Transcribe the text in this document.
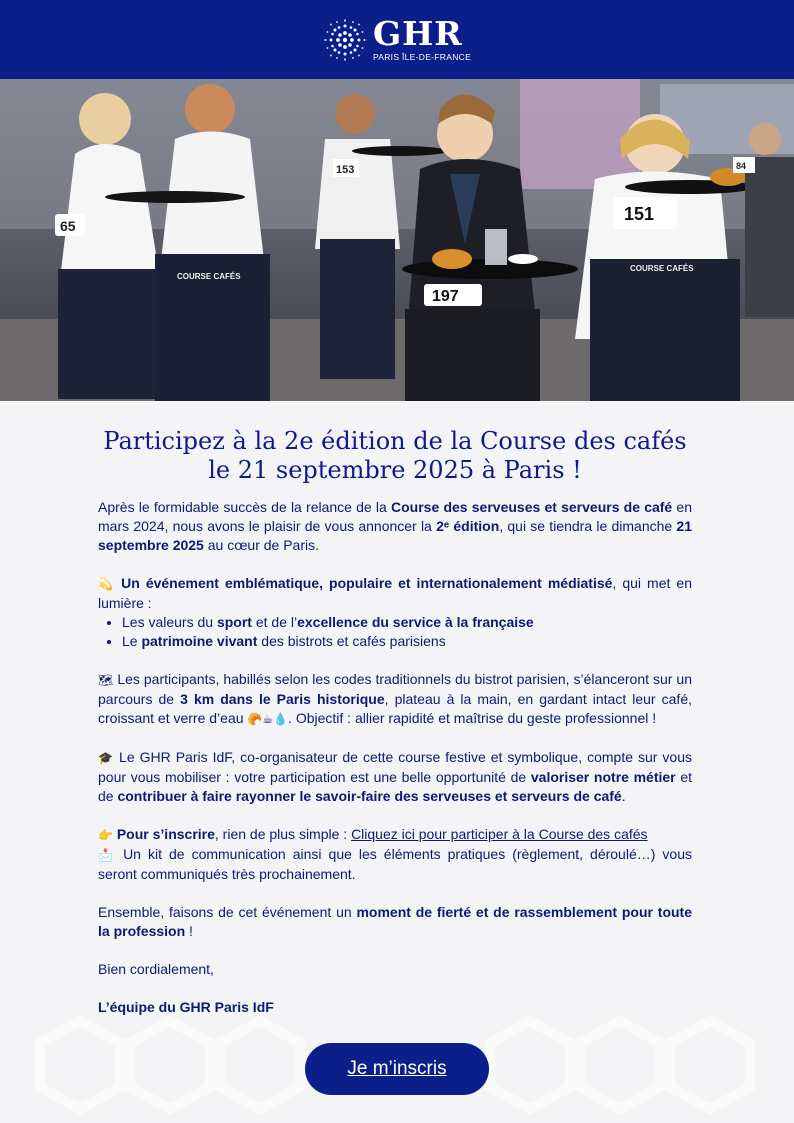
GHR
PARIS ÎLE-DE-FRANCE
65
COURSE CAFÉS
153
197
151
COURSE CAFÉS
84
Participez à la 2e édition de la Course des cafés
le 21 septembre 2025 à Paris !

Après le formidable succès de la relance de la Course des serveuses et serveurs de café en mars 2024, nous avons le plaisir de vous annoncer la 2ᵉ édition, qui se tiendra le dimanche 21 septembre 2025 au cœur de Paris.

💫 Un événement emblématique, populaire et internationalement médiatisé, qui met en lumière :

• Les valeurs du sport et de l’excellence du service à la française
• Le patrimoine vivant des bistrots et cafés parisiens

🗺 Les participants, habillés selon les codes traditionnels du bistrot parisien, s’élanceront sur un parcours de 3 km dans le Paris historique, plateau à la main, en gardant intact leur café, croissant et verre d’eau 🥐☕💧. Objectif : allier rapidité et maîtrise du geste professionnel !

🎓 Le GHR Paris IdF, co-organisateur de cette course festive et symbolique, compte sur vous pour vous mobiliser : votre participation est une belle opportunité de valoriser notre métier et de contribuer à faire rayonner le savoir-faire des serveuses et serveurs de café.

👉 Pour s’inscrire, rien de plus simple : Cliquez ici pour participer à la Course des cafés

📩 Un kit de communication ainsi que les éléments pratiques (règlement, déroulé…) vous seront communiqués très prochainement.

Ensemble, faisons de cet événement un moment de fierté et de rassemblement pour toute la profession !

Bien cordialement,

L’équipe du GHR Paris IdF

Je m’inscris
